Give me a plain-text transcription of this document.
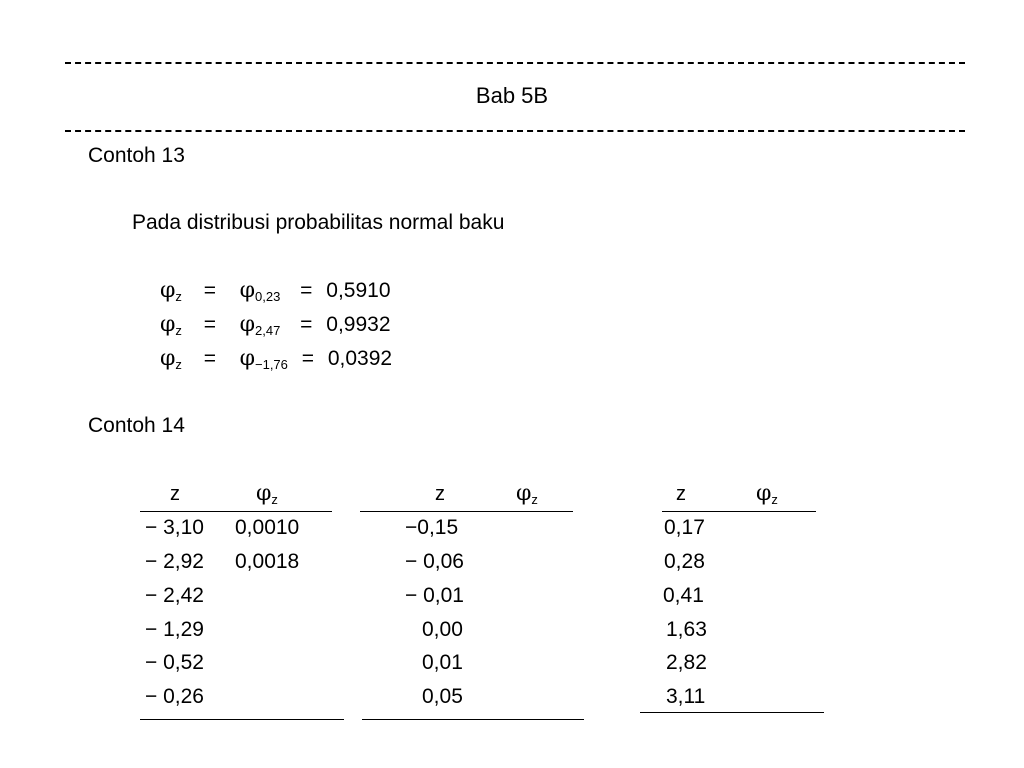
Bab 5B
Contoh 13
Pada distribusi probabilitas normal baku
$\varphi_z = \varphi_{0,23} = 0,5910$
$\varphi_z = \varphi_{2,47} = 0,9932$
$\varphi_z = \varphi_{-1,76} = 0,0392$
Contoh 14
z	$\varphi_z$
− 3,10 0,0010
− 2,92 0,0018
− 2,42
− 1,29
− 0,52
− 0,26
z	$\varphi_z$
−0,15
− 0,06
− 0,01
0,00
0,01
0,05
z	$\varphi_z$
0,17
0,28
0,41
1,63
2,82
3,11
